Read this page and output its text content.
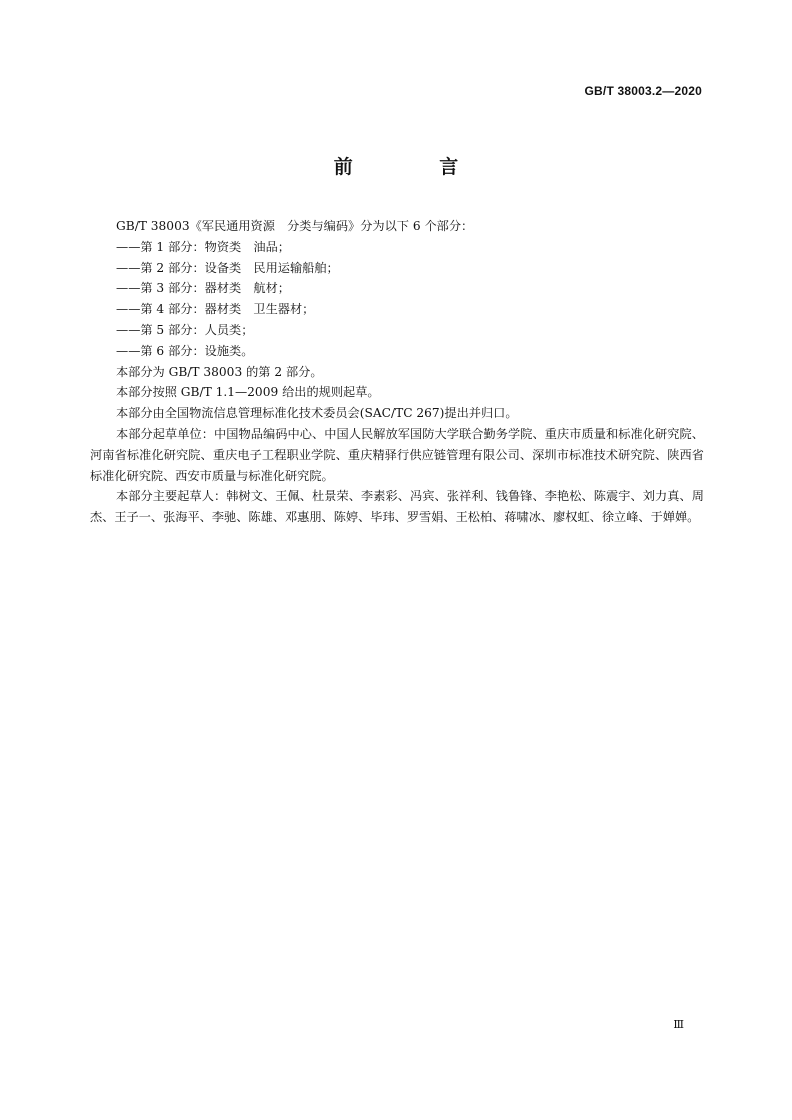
GB/T 38003.2—2020
前 言

GB/T 38003《军民通用资源　分类与编码》分为以下 6 个部分：

——第 1 部分：物资类　油品；

——第 2 部分：设备类　民用运输船舶；

——第 3 部分：器材类　航材；

——第 4 部分：器材类　卫生器材；

——第 5 部分：人员类；

——第 6 部分：设施类。

本部分为 GB/T 38003 的第 2 部分。

本部分按照 GB/T 1.1—2009 给出的规则起草。

本部分由全国物流信息管理标准化技术委员会(SAC/TC 267)提出并归口。

本部分起草单位：中国物品编码中心、中国人民解放军国防大学联合勤务学院、重庆市质量和标准化研究院、河南省标准化研究院、重庆电子工程职业学院、重庆精驿行供应链管理有限公司、深圳市标准技术研究院、陕西省标准化研究院、西安市质量与标准化研究院。

本部分主要起草人：韩树文、王佩、杜景荣、李素彩、冯宾、张祥利、钱鲁锋、李艳松、陈震宇、刘力真、周杰、王子一、张海平、李驰、陈雄、邓惠朋、陈婷、毕玮、罗雪娟、王松柏、蒋啸冰、廖权虹、徐立峰、于婵婵。

Ⅲ
